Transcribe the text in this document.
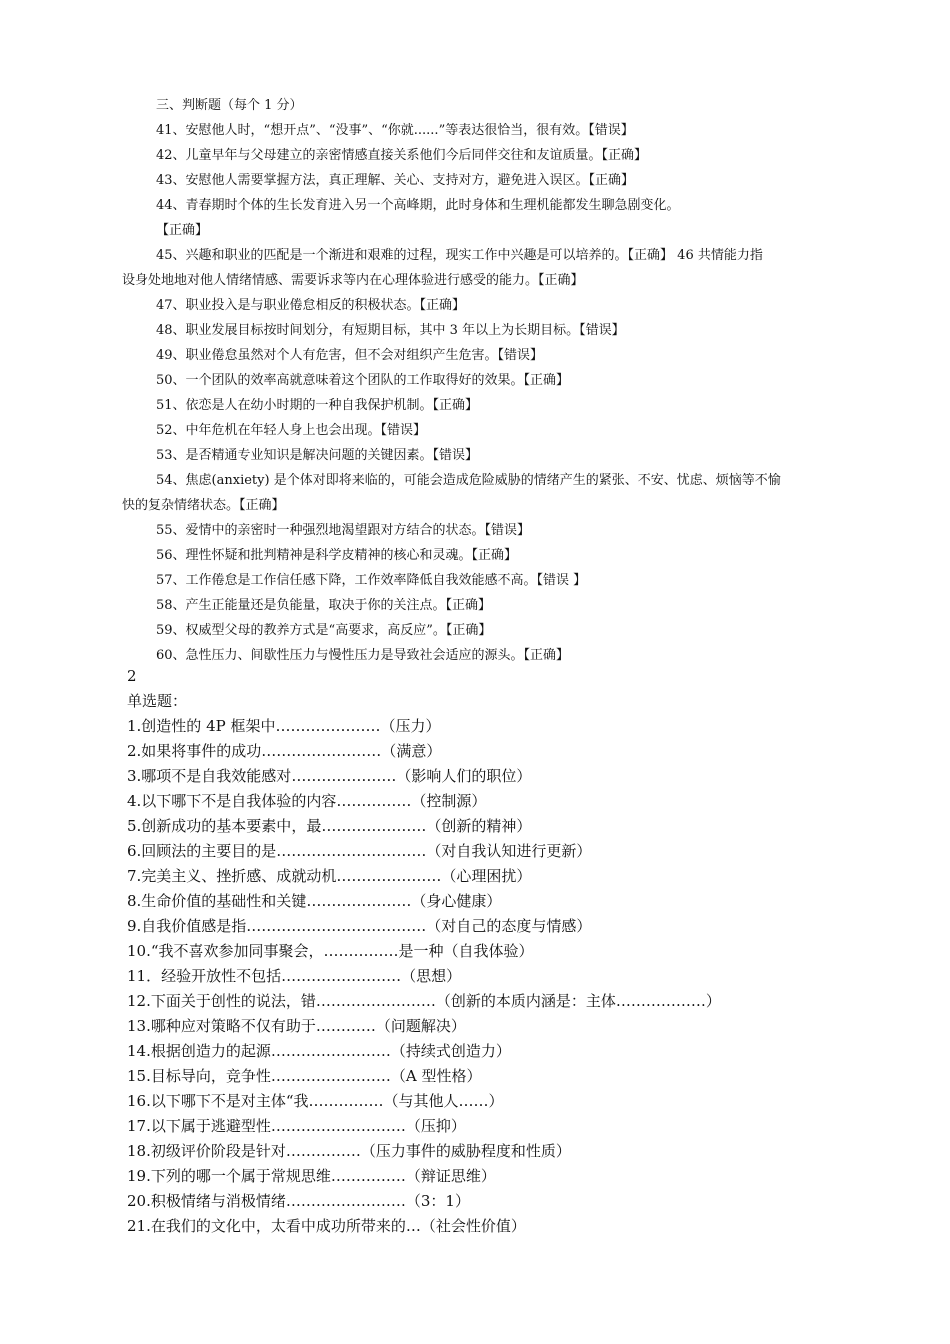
三、判断题（每个 1 分）

41、安慰他人时，“想开点”、“没事”、“你就......”等表达很恰当，很有效。【错误】

42、儿童早年与父母建立的亲密情感直接关系他们今后同伴交往和友谊质量。【正确】

43、安慰他人需要掌握方法，真正理解、关心、支持对方，避免进入误区。【正确】

44、青春期时个体的生长发育进入另一个高峰期，此时身体和生理机能都发生聊急剧变化。

【正确】

45、兴趣和职业的匹配是一个渐进和艰难的过程，现实工作中兴趣是可以培养的。【正确】 46 共情能力指

设身处地地对他人情绪情感、需要诉求等内在心理体验进行感受的能力。【正确】

47、职业投入是与职业倦怠相反的积极状态。【正确】

48、职业发展目标按时间划分，有短期目标，其中 3 年以上为长期目标。【错误】

49、职业倦怠虽然对个人有危害，但不会对组织产生危害。【错误】

50、一个团队的效率高就意味着这个团队的工作取得好的效果。【正确】

51、依恋是人在幼小时期的一种自我保护机制。【正确】

52、中年危机在年轻人身上也会出现。【错误】

53、是否精通专业知识是解决问题的关键因素。【错误】

54、焦虑(anxiety) 是个体对即将来临的，可能会造成危险威胁的情绪产生的紧张、不安、忧虑、烦恼等不愉

快的复杂情绪状态。【正确】

55、爱情中的亲密时一种强烈地渴望跟对方结合的状态。【错误】

56、理性怀疑和批判精神是科学皮精神的核心和灵魂。【正确】

57、工作倦怠是工作信任感下降，工作效率降低自我效能感不高。【错误 】

58、产生正能量还是负能量，取决于你的关注点。【正确】

59、权威型父母的教养方式是“高要求，高反应”。【正确】

60、急性压力、间歇性压力与慢性压力是导致社会适应的源头。【正确】

2

单选题：

1.创造性的 4P 框架中…………………（压力）

2.如果将事件的成功……………………（满意）

3.哪项不是自我效能感对…………………（影响人们的职位）

4.以下哪下不是自我体验的内容……………（控制源）

5.创新成功的基本要素中，最…………………（创新的精神）

6.回顾法的主要目的是…………………………（对自我认知进行更新）

7.完美主义、挫折感、成就动机…………………（心理困扰）

8.生命价值的基础性和关键…………………（身心健康）

9.自我价值感是指………………………………（对自己的态度与情感）

10.“我不喜欢参加同事聚会，……………是一种（自我体验）

11．经验开放性不包括……………………（思想）

12.下面关于创性的说法，错……………………（创新的本质内涵是：主体………………）

13.哪种应对策略不仅有助于…………（问题解决）

14.根据创造力的起源……………………（持续式创造力）

15.目标导向，竞争性……………………（A 型性格）

16.以下哪下不是对主体“我……………（与其他人……）

17.以下属于逃避型性………………………（压抑）

18.初级评价阶段是针对……………（压力事件的威胁程度和性质）

19.下列的哪一个属于常规思维……………（辩证思维）

20.积极情绪与消极情绪……………………（3：1）

21.在我们的文化中，太看中成功所带来的…（社会性价值）
